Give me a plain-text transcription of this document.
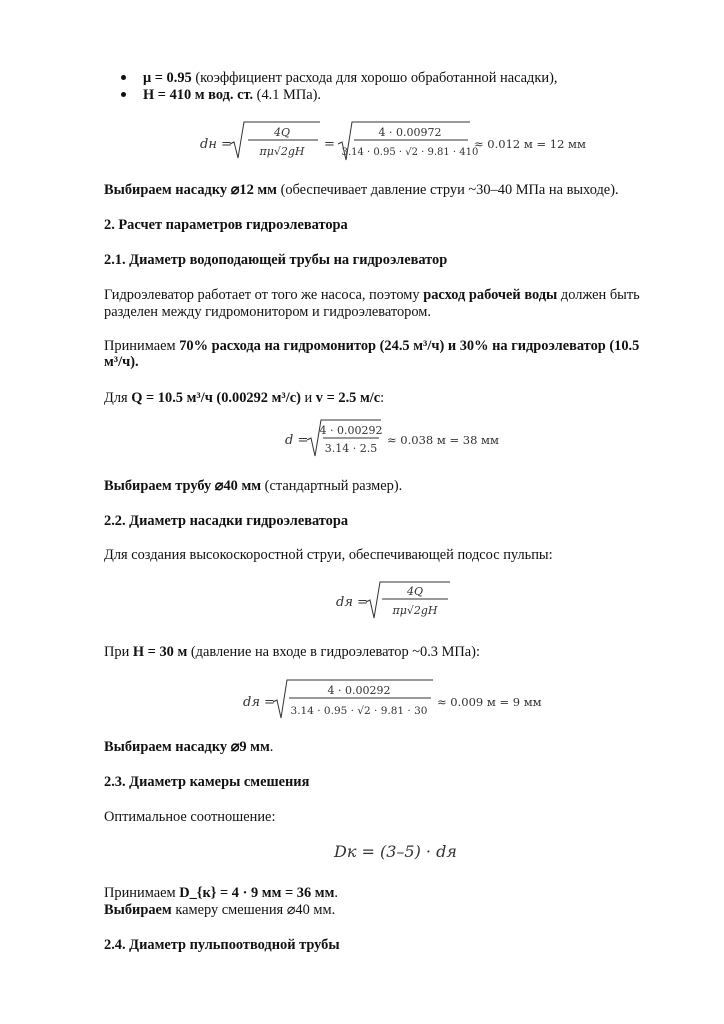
μ = 0.95 (коэффициент расхода для хорошо обработанной насадки),
H = 410 м вод. ст. (4.1 МПа).
dн =
4Q
πμ√2gH =
4 · 0.00972
3.14 · 0.95 · √2 · 9.81 · 410
≈ 0.012 м = 12 мм
Выбираем насадку ⌀12 мм (обеспечивает давление струи ~30–40 МПа на выходе).
2. Расчет параметров гидроэлеватора
2.1. Диаметр водоподающей трубы на гидроэлеватор
Гидроэлеватор работает от того же насоса, поэтому расход рабочей воды должен быть
разделен между гидромонитором и гидроэлеватором.
Принимаем 70% расхода на гидромонитор (24.5 м³/ч) и 30% на гидроэлеватор (10.5
м³/ч).
Для Q = 10.5 м³/ч (0.00292 м³/с) и v = 2.5 м/с:
d =
4 · 0.00292
3.14 · 2.5
≈ 0.038 м = 38 мм
Выбираем трубу ⌀40 мм (стандартный размер).
2.2. Диаметр насадки гидроэлеватора
Для создания высокоскоростной струи, обеспечивающей подсос пульпы:
dя =
4Q
πμ√2gH
При H = 30 м (давление на входе в гидроэлеватор ~0.3 МПа):
dя =
4 · 0.00292
3.14 · 0.95 · √2 · 9.81 · 30
≈ 0.009 м = 9 мм
Выбираем насадку ⌀9 мм.
2.3. Диаметр камеры смешения
Оптимальное соотношение:
Dк = (3–5) · dя
Принимаем D_{к} = 4 · 9 мм = 36 мм.
Выбираем камеру смешения ⌀40 мм.
2.4. Диаметр пульпоотводной трубы
